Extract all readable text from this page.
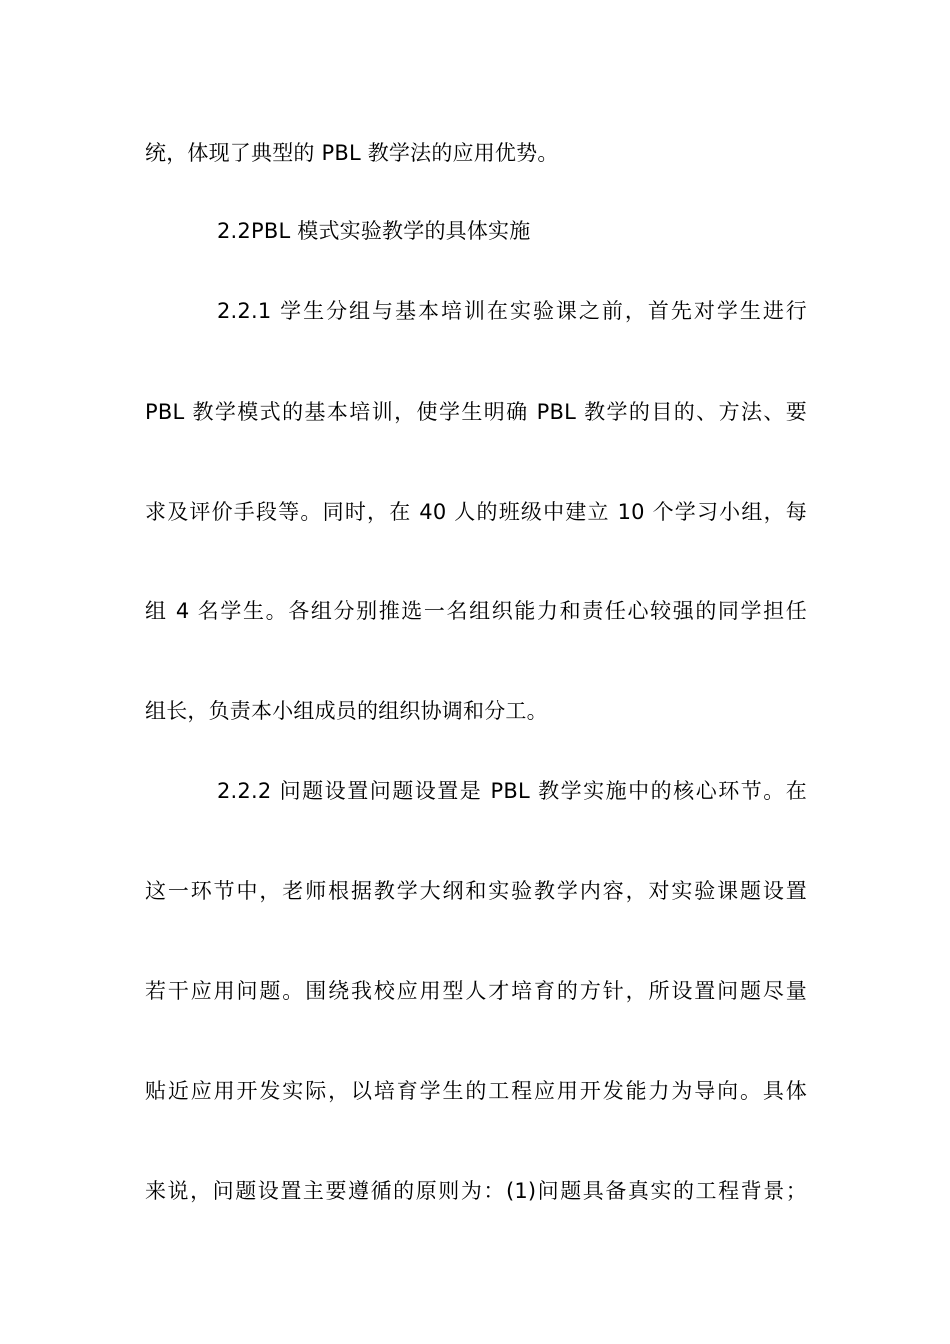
统，体现了典型的 PBL 教学法的应用优势。
2.2PBL 模式实验教学的具体实施
2.2.1 学生分组与基本培训在实验课之前，首先对学生进行
PBL 教学模式的基本培训，使学生明确 PBL 教学的目的、方法、要
求及评价手段等。同时，在 40 人的班级中建立 10 个学习小组，每
组 4 名学生。各组分别推选一名组织能力和责任心较强的同学担任
组长，负责本小组成员的组织协调和分工。
2.2.2 问题设置问题设置是 PBL 教学实施中的核心环节。在
这一环节中，老师根据教学大纲和实验教学内容，对实验课题设置
若干应用问题。围绕我校应用型人才培育的方针，所设置问题尽量
贴近应用开发实际，以培育学生的工程应用开发能力为导向。具体
来说，问题设置主要遵循的原则为：(1)问题具备真实的工程背景；
